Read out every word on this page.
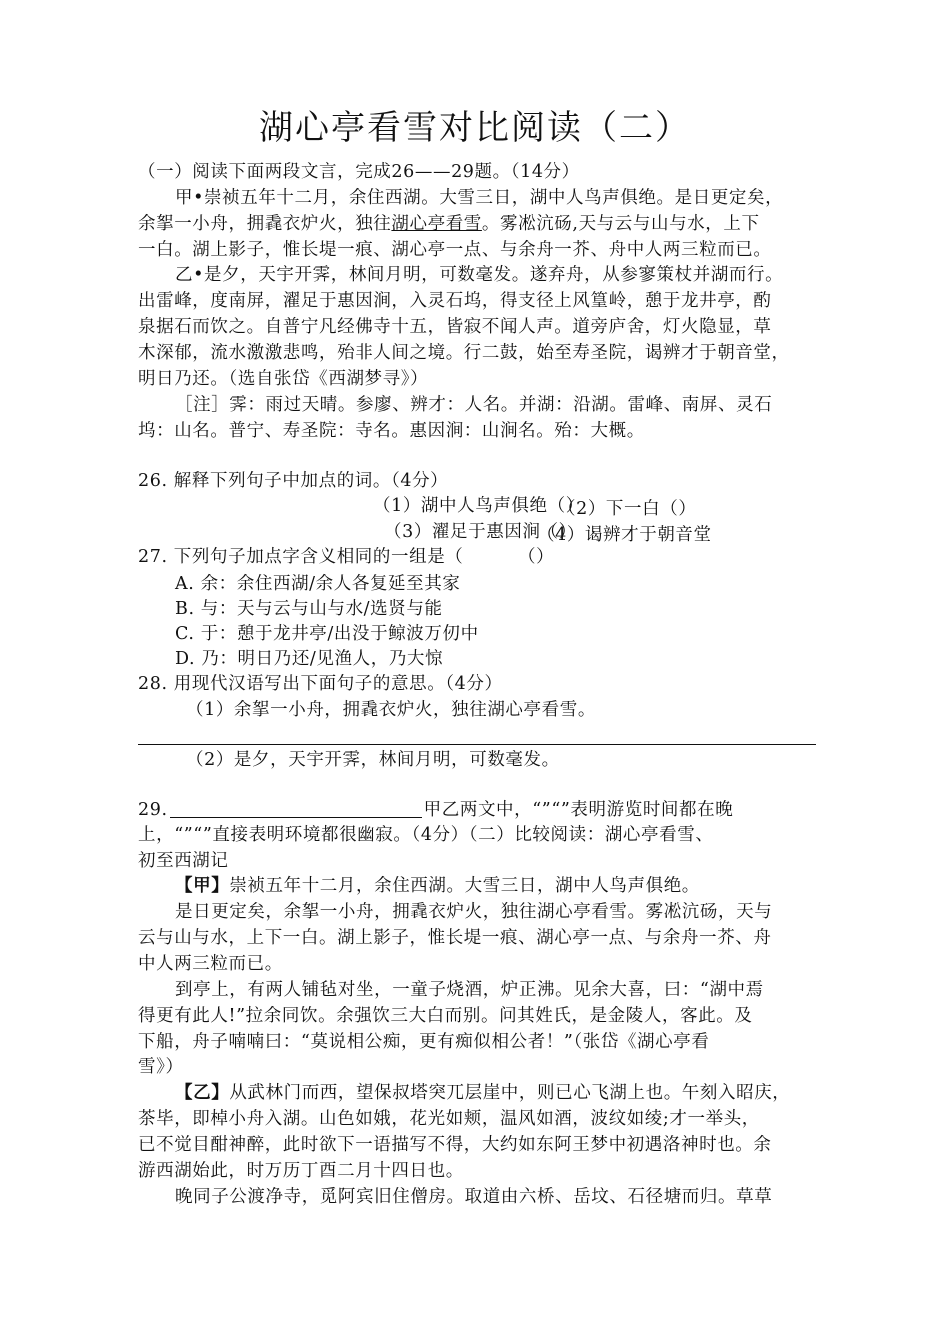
湖心亭看雪对比阅读（二）
（一）阅读下面两段文言，完成26——29题。（14分）
甲•崇祯五年十二月，余住西湖。大雪三日，湖中人鸟声俱绝。是日更定矣，
余挐一小舟，拥毳衣炉火，独往湖心亭看雪。雾凇沆砀,天与云与山与水，上下
一白。湖上影子，惟长堤一痕、湖心亭一点、与余舟一芥、舟中人两三粒而已。
乙•是夕，天宇开霁，林间月明，可数毫发。遂弃舟，从参寥策杖并湖而行。
出雷峰，度南屏，濯足于惠因涧，入灵石坞，得支径上风篁岭，憩于龙井亭，酌
泉据石而饮之。自普宁凡经佛寺十五，皆寂不闻人声。道旁庐舍，灯火隐显，草
木深郁，流水激激悲鸣，殆非人间之境。行二鼓，始至寿圣院，谒辨才于朝音堂，
明日乃还。（选自张岱《西湖梦寻》）
［注］霁：雨过天晴。参廖、辨才：人名。并湖：沿湖。雷峰、南屏、灵石
坞：山名。普宁、寿圣院：寺名。惠因涧：山涧名。殆：大概。
26. 解释下列句子中加点的词。（4分）
（1）湖中人鸟声俱绝（）
（2）下一白（）
（3）濯足于惠因涧（）
（4）谒辨才于朝音堂
27. 下列句子加点字含义相同的一组是（	（）
A. 余：余住西湖/余人各复延至其家
B. 与：天与云与山与水/选贤与能
C. 于：憩于龙井亭/出没于鲸波万仞中
D. 乃：明日乃还/见渔人，乃大惊
28. 用现代汉语写出下面句子的意思。（4分）
（1）余挐一小舟，拥毳衣炉火，独往湖心亭看雪。
（2）是夕，天宇开霁，林间月明，可数毫发。
29.	甲乙两文中，“”“”表明游览时间都在晚
上，“”“”直接表明环境都很幽寂。（4分）（二）比较阅读：湖心亭看雪、
初至西湖记
【甲】崇祯五年十二月，余住西湖。大雪三日，湖中人鸟声俱绝。
是日更定矣，余挐一小舟，拥毳衣炉火，独往湖心亭看雪。雾凇沆砀，天与
云与山与水，上下一白。湖上影子，惟长堤一痕、湖心亭一点、与余舟一芥、舟
中人两三粒而已。
到亭上，有两人铺毡对坐，一童子烧酒，炉正沸。见余大喜，曰：“湖中焉
得更有此人!”拉余同饮。余强饮三大白而别。问其姓氏，是金陵人，客此。及
下船，舟子喃喃曰：“莫说相公痴，更有痴似相公者！”（张岱《湖心亭看
雪》）
【乙】从武林门而西，望保叔塔突兀层崖中，则已心飞湖上也。午刻入昭庆，
茶毕，即棹小舟入湖。山色如娥，花光如颊，温风如酒，波纹如绫;才一举头，
已不觉目酣神醉，此时欲下一语描写不得，大约如东阿王梦中初遇洛神时也。余
游西湖始此，时万历丁酉二月十四日也。
晚同子公渡净寺，觅阿宾旧住僧房。取道由六桥、岳坟、石径塘而归。草草
